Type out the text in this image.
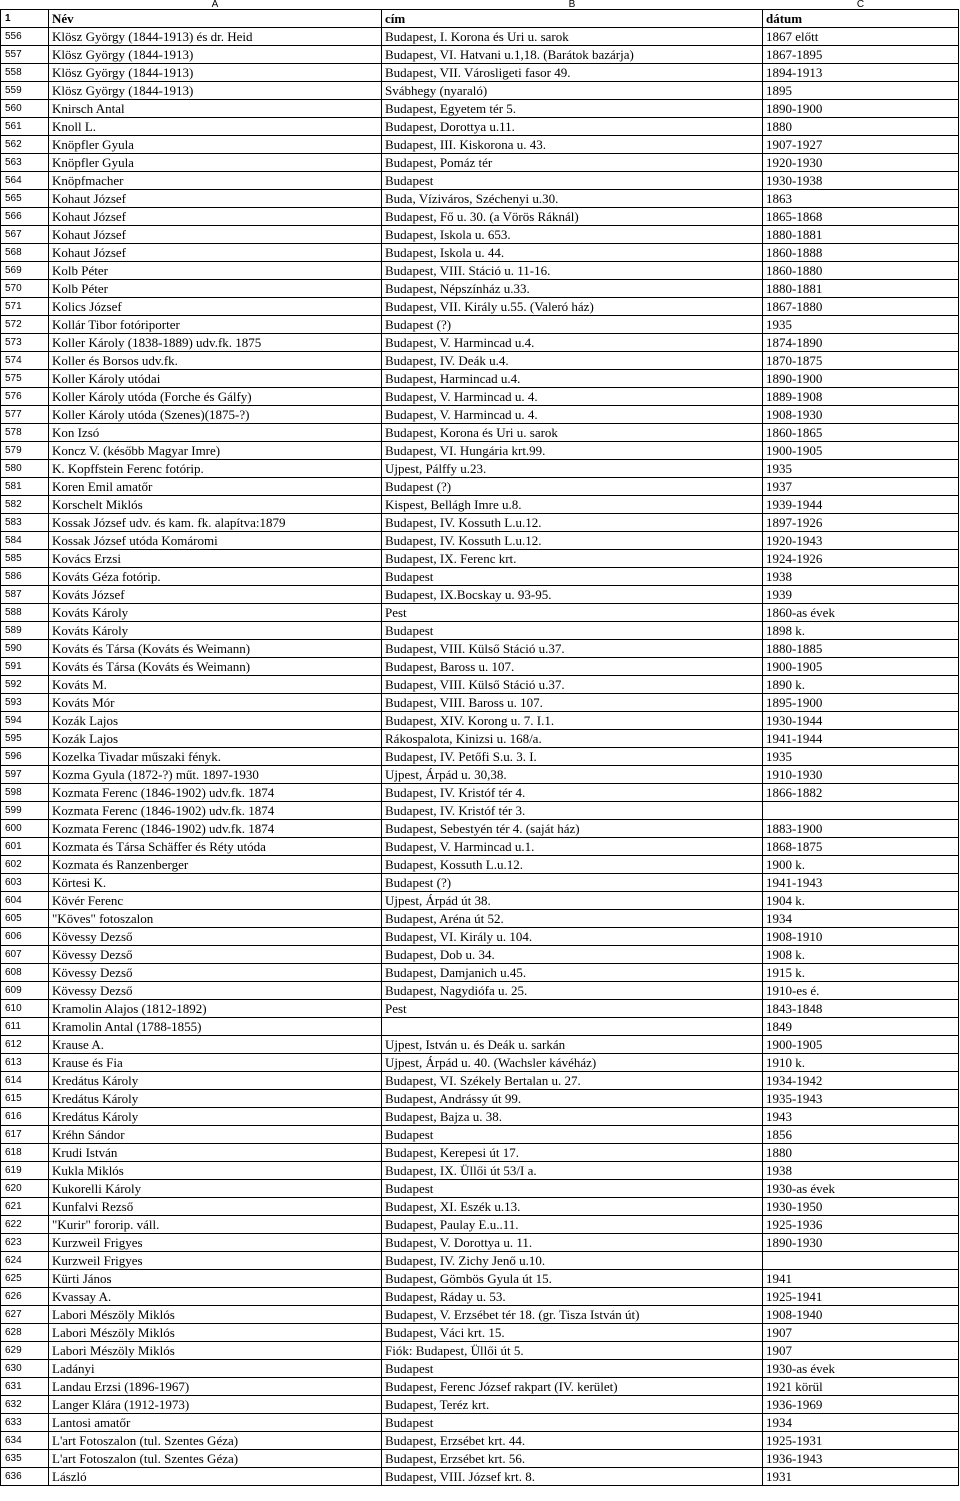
	A	B	C
1	Név	cím	dátum
556	Klösz György (1844-1913) és dr. Heid	Budapest, I. Korona és Uri u. sarok	1867 előtt
557	Klösz György (1844-1913)	Budapest, VI. Hatvani u.1,18. (Barátok bazárja)	1867-1895
558	Klösz György (1844-1913)	Budapest, VII. Városligeti fasor 49.	1894-1913
559	Klösz György (1844-1913)	Svábhegy (nyaraló)	1895
560	Knirsch Antal	Budapest, Egyetem tér 5.	1890-1900
561	Knoll L.	Budapest, Dorottya u.11.	1880
562	Knöpfler Gyula	Budapest, III. Kiskorona u. 43.	1907-1927
563	Knöpfler Gyula	Budapest, Pomáz tér	1920-1930
564	Knöpfmacher	Budapest	1930-1938
565	Kohaut József	Buda, Víziváros, Széchenyi u.30.	1863
566	Kohaut József	Budapest, Fő u. 30. (a Vörös Ráknál)	1865-1868
567	Kohaut József	Budapest, Iskola u. 653.	1880-1881
568	Kohaut József	Budapest, Iskola u. 44.	1860-1888
569	Kolb Péter	Budapest, VIII. Stáció u. 11-16.	1860-1880
570	Kolb Péter	Budapest, Népszínház u.33.	1880-1881
571	Kolics József	Budapest, VII. Király u.55. (Valeró ház)	1867-1880
572	Kollár Tibor fotóriporter	Budapest (?)	1935
573	Koller Károly (1838-1889) udv.fk. 1875	Budapest, V. Harmincad u.4.	1874-1890
574	Koller és Borsos udv.fk.	Budapest, IV. Deák u.4.	1870-1875
575	Koller Károly utódai	Budapest, Harmincad u.4.	1890-1900
576	Koller Károly utóda (Forche és Gálfy)	Budapest, V. Harmincad u. 4.	1889-1908
577	Koller Károly utóda (Szenes)(1875-?)	Budapest, V. Harmincad u. 4.	1908-1930
578	Kon Izsó	Budapest, Korona és Uri u. sarok	1860-1865
579	Koncz V. (később Magyar Imre)	Budapest, VI. Hungária krt.99.	1900-1905
580	K. Kopffstein Ferenc fotórip.	Ujpest, Pálffy u.23.	1935
581	Koren Emil amatőr	Budapest (?)	1937
582	Korschelt Miklós	Kispest, Bellágh Imre u.8.	1939-1944
583	Kossak József udv. és kam. fk. alapítva:1879	Budapest, IV. Kossuth L.u.12.	1897-1926
584	Kossak József utóda Komáromi	Budapest, IV. Kossuth L.u.12.	1920-1943
585	Kovács Erzsi	Budapest, IX. Ferenc krt.	1924-1926
586	Kováts Géza fotórip.	Budapest	1938
587	Kováts József	Budapest, IX.Bocskay u. 93-95.	1939
588	Kováts Károly	Pest	1860-as évek
589	Kováts Károly	Budapest	1898 k.
590	Kováts és Társa (Kováts és Weimann)	Budapest, VIII. Külső Stáció u.37.	1880-1885
591	Kováts és Társa (Kováts és Weimann)	Budapest, Baross u. 107.	1900-1905
592	Kováts M.	Budapest, VIII. Külső Stáció u.37.	1890 k.
593	Kováts Mór	Budapest, VIII. Baross u. 107.	1895-1900
594	Kozák Lajos	Budapest, XIV. Korong u. 7. I.1.	1930-1944
595	Kozák Lajos	Rákospalota, Kinizsi u. 168/a.	1941-1944
596	Kozelka Tivadar műszaki fényk.	Budapest, IV. Petőfi S.u. 3. I.	1935
597	Kozma Gyula (1872-?) műt. 1897-1930	Ujpest, Árpád u. 30,38.	1910-1930
598	Kozmata Ferenc (1846-1902) udv.fk. 1874	Budapest, IV. Kristóf tér 4.	1866-1882
599	Kozmata Ferenc (1846-1902) udv.fk. 1874	Budapest, IV. Kristóf tér 3.	
600	Kozmata Ferenc (1846-1902) udv.fk. 1874	Budapest, Sebestyén tér 4. (saját ház)	1883-1900
601	Kozmata és Társa Schäffer és Réty utóda	Budapest, V. Harmincad u.1.	1868-1875
602	Kozmata és Ranzenberger	Budapest, Kossuth L.u.12.	1900 k.
603	Körtesi K.	Budapest (?)	1941-1943
604	Kövér Ferenc	Ujpest, Árpád út 38.	1904 k.
605	"Köves" fotoszalon	Budapest, Aréna út 52.	1934
606	Kövessy Dezső	Budapest, VI. Király u. 104.	1908-1910
607	Kövessy Dezső	Budapest, Dob u. 34.	1908 k.
608	Kövessy Dezső	Budapest, Damjanich u.45.	1915 k.
609	Kövessy Dezső	Budapest, Nagydiófa u. 25.	1910-es é.
610	Kramolin Alajos (1812-1892)	Pest	1843-1848
611	Kramolin Antal (1788-1855)		1849
612	Krause A.	Ujpest, István u. és Deák u. sarkán	1900-1905
613	Krause és Fia	Ujpest, Árpád u. 40. (Wachsler kávéház)	1910 k.
614	Kredátus Károly	Budapest, VI. Székely Bertalan u. 27.	1934-1942
615	Kredátus Károly	Budapest, Andrássy út 99.	1935-1943
616	Kredátus Károly	Budapest, Bajza u. 38.	1943
617	Kréhn Sándor	Budapest	1856
618	Krudi István	Budapest, Kerepesi út 17.	1880
619	Kukla Miklós	Budapest, IX. Üllői út 53/I a.	1938
620	Kukorelli Károly	Budapest	1930-as évek
621	Kunfalvi Rezső	Budapest, XI. Eszék u.13.	1930-1950
622	"Kurir" fororip. váll.	Budapest, Paulay E.u..11.	1925-1936
623	Kurzweil Frigyes	Budapest, V. Dorottya u. 11.	1890-1930
624	Kurzweil Frigyes	Budapest, IV. Zichy Jenő u.10.	
625	Kürti János	Budapest, Gömbös Gyula út 15.	1941
626	Kvassay A.	Budapest, Ráday u. 53.	1925-1941
627	Labori Mészöly Miklós	Budapest, V. Erzsébet tér 18. (gr. Tisza István út)	1908-1940
628	Labori Mészöly Miklós	Budapest, Váci krt. 15.	1907
629	Labori Mészöly Miklós	Fiók: Budapest, Üllői út 5.	1907
630	Ladányi	Budapest	1930-as évek
631	Landau Erzsi (1896-1967)	Budapest, Ferenc József rakpart (IV. kerület)	1921 körül
632	Langer Klára (1912-1973)	Budapest, Teréz krt.	1936-1969
633	Lantosi amatőr	Budapest	1934
634	L'art Fotoszalon (tul. Szentes Géza)	Budapest, Erzsébet krt. 44.	1925-1931
635	L'art Fotoszalon (tul. Szentes Géza)	Budapest, Erzsébet krt. 56.	1936-1943
636	László	Budapest, VIII. József krt. 8.	1931
